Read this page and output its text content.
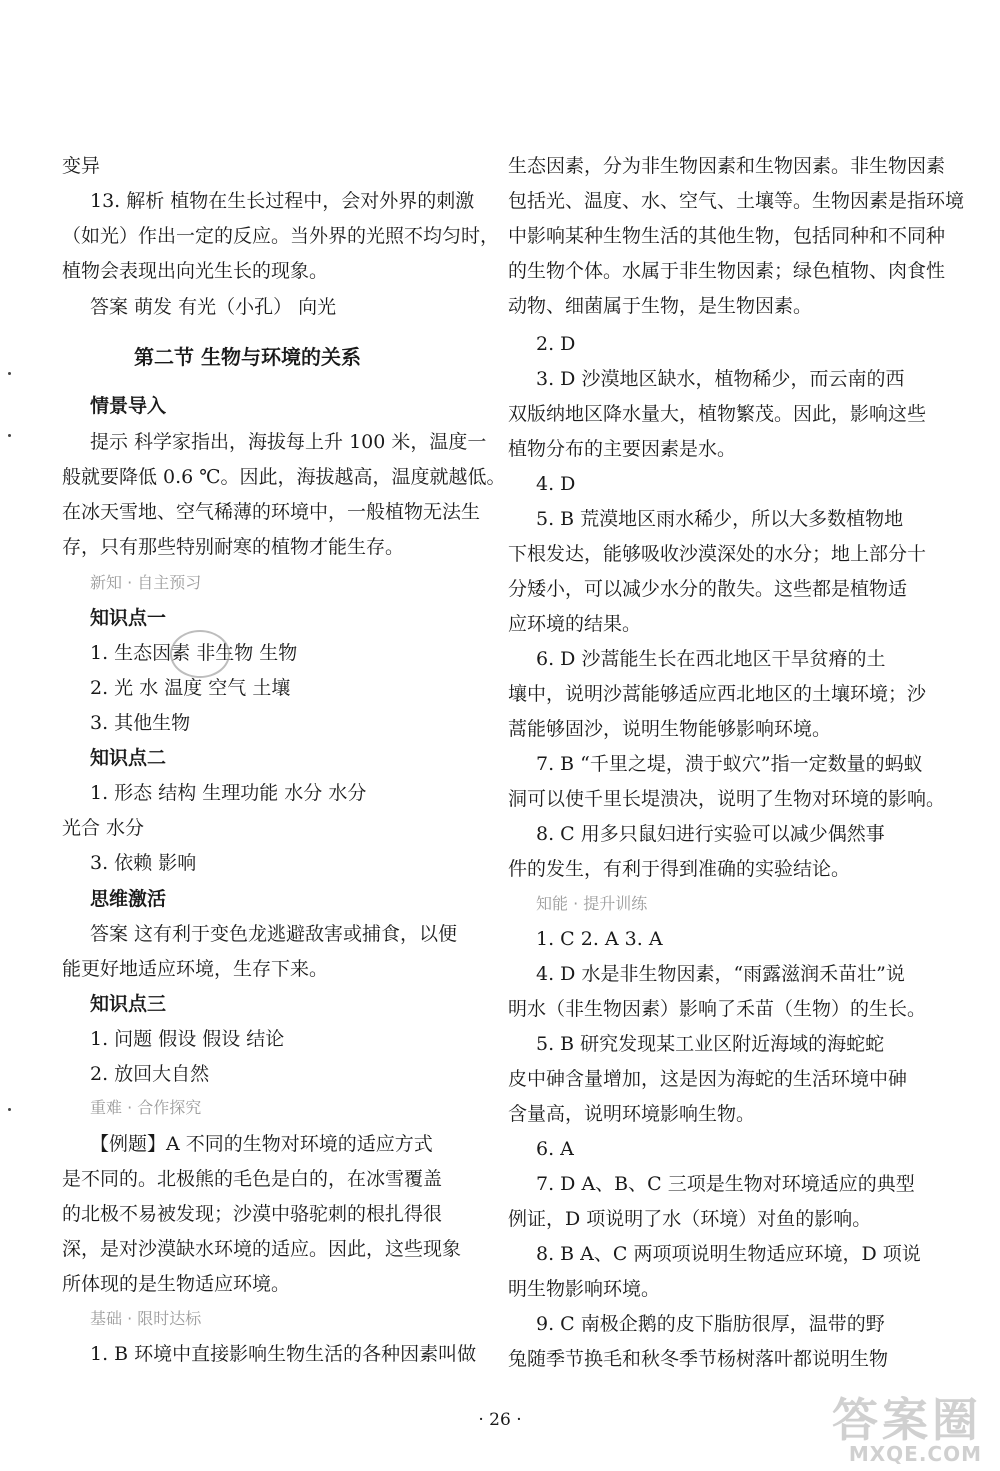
变异
13. 解析 植物在生长过程中，会对外界的刺激
（如光）作出一定的反应。当外界的光照不均匀时，
植物会表现出向光生长的现象。
答案 萌发 有光（小孔） 向光
第二节 生物与环境的关系
情景导入
提示 科学家指出，海拔每上升 100 米，温度一
般就要降低 0.6 ℃。因此，海拔越高，温度就越低。
在冰天雪地、空气稀薄的环境中，一般植物无法生
存，只有那些特别耐寒的植物才能生存。
新知 · 自主预习
知识点一
1. 生态因素 非生物 生物
2. 光 水 温度 空气 土壤
3. 其他生物
知识点二
1. 形态 结构 生理功能 水分 水分
光合 水分
3. 依赖 影响
思维激活
答案 这有利于变色龙逃避敌害或捕食，以便
能更好地适应环境，生存下来。
知识点三
1. 问题 假设 假设 结论
2. 放回大自然
重难 · 合作探究
【例题】A 不同的生物对环境的适应方式
是不同的。北极熊的毛色是白的，在冰雪覆盖
的北极不易被发现；沙漠中骆驼刺的根扎得很
深，是对沙漠缺水环境的适应。因此，这些现象
所体现的是生物适应环境。
基础 · 限时达标
1. B 环境中直接影响生物生活的各种因素叫做
生态因素，分为非生物因素和生物因素。非生物因素
包括光、温度、水、空气、土壤等。生物因素是指环境
中影响某种生物生活的其他生物，包括同种和不同种
的生物个体。水属于非生物因素；绿色植物、肉食性
动物、细菌属于生物，是生物因素。
2. D
3. D 沙漠地区缺水，植物稀少，而云南的西
双版纳地区降水量大，植物繁茂。因此，影响这些
植物分布的主要因素是水。
4. D
5. B 荒漠地区雨水稀少，所以大多数植物地
下根发达，能够吸收沙漠深处的水分；地上部分十
分矮小，可以减少水分的散失。这些都是植物适
应环境的结果。
6. D 沙蒿能生长在西北地区干旱贫瘠的土
壤中，说明沙蒿能够适应西北地区的土壤环境；沙
蒿能够固沙，说明生物能够影响环境。
7. B “千里之堤，溃于蚁穴”指一定数量的蚂蚁
洞可以使千里长堤溃决，说明了生物对环境的影响。
8. C 用多只鼠妇进行实验可以减少偶然事
件的发生，有利于得到准确的实验结论。
知能 · 提升训练
1. C 2. A 3. A
4. D 水是非生物因素，“雨露滋润禾苗壮”说
明水（非生物因素）影响了禾苗（生物）的生长。
5. B 研究发现某工业区附近海域的海蛇蛇
皮中砷含量增加，这是因为海蛇的生活环境中砷
含量高，说明环境影响生物。
6. A
7. D A、B、C 三项是生物对环境适应的典型
例证，D 项说明了水（环境）对鱼的影响。
8. B A、C 两项项说明生物适应环境，D 项说
明生物影响环境。
9. C 南极企鹅的皮下脂肪很厚，温带的野
兔随季节换毛和秋冬季节杨树落叶都说明生物

· 26 ·	答案圈
MXQE.COM
